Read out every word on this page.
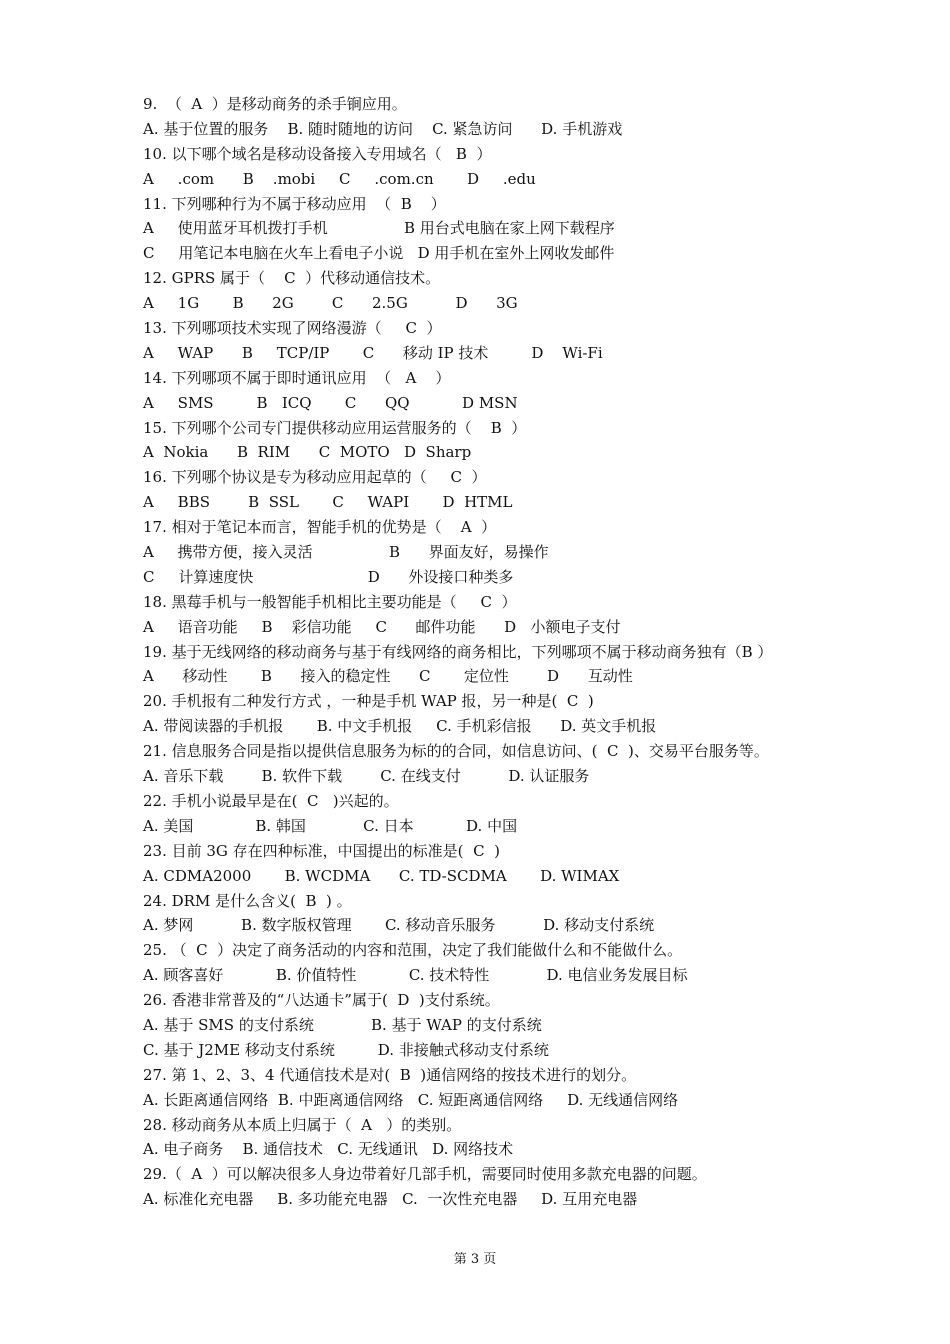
9.  （  A  ）是移动商务的杀手锏应用。
A. 基于位置的服务    B. 随时随地的访问    C. 紧急访问      D. 手机游戏
10. 以下哪个域名是移动设备接入专用域名（   B  ）
A     .com      B    .mobi     C     .com.cn       D     .edu
11. 下列哪种行为不属于移动应用  （  B    ）
A     使用蓝牙耳机拨打手机                B 用台式电脑在家上网下载程序
C     用笔记本电脑在火车上看电子小说   D 用手机在室外上网收发邮件
12. GPRS 属于（    C  ）代移动通信技术。
A     1G       B      2G        C      2.5G          D      3G
13. 下列哪项技术实现了网络漫游（     C  ）
A     WAP      B     TCP/IP       C      移动 IP 技术         D    Wi-Fi
14. 下列哪项不属于即时通讯应用  （   A    ）
A     SMS         B   ICQ       C      QQ           D MSN
15. 下列哪个公司专门提供移动应用运营服务的（    B  ）
A  Nokia      B  RIM      C  MOTO   D  Sharp
16. 下列哪个协议是专为移动应用起草的（     C  ）
A     BBS        B  SSL       C     WAPI       D  HTML
17. 相对于笔记本而言，智能手机的优势是（    A  ）
A     携带方便，接入灵活                B      界面友好，易操作
C     计算速度快                        D      外设接口种类多
18. 黑莓手机与一般智能手机相比主要功能是（     C  ）
A     语音功能     B    彩信功能     C      邮件功能      D   小额电子支付
19. 基于无线网络的移动商务与基于有线网络的商务相比，下列哪项不属于移动商务独有（B ）
A      移动性       B      接入的稳定性      C       定位性        D      互动性
20. 手机报有二种发行方式 ，一种是手机 WAP 报，另一种是(  C  )
A. 带阅读器的手机报       B. 中文手机报     C. 手机彩信报      D. 英文手机报
21. 信息服务合同是指以提供信息服务为标的的合同，如信息访问、(  C  )、交易平台服务等。
A. 音乐下载        B. 软件下载        C. 在线支付          D. 认证服务
22. 手机小说最早是在(  C   )兴起的。
A. 美国             B. 韩国            C. 日本           D. 中国
23. 目前 3G 存在四种标准，中国提出的标准是(  C  )
A. CDMA2000       B. WCDMA      C. TD-SCDMA       D. WIMAX
24. DRM 是什么含义(  B  ) 。
A. 梦网          B. 数字版权管理       C. 移动音乐服务          D. 移动支付系统
25. （  C  ）决定了商务活动的内容和范围，决定了我们能做什么和不能做什么。
A. 顾客喜好           B. 价值特性           C. 技术特性            D. 电信业务发展目标
26. 香港非常普及的“八达通卡”属于(  D  )支付系统。
A. 基于 SMS 的支付系统            B. 基于 WAP 的支付系统
C. 基于 J2ME 移动支付系统         D. 非接触式移动支付系统
27. 第 1、2、3、4 代通信技术是对(  B  )通信网络的按技术进行的划分。
A. 长距离通信网络  B. 中距离通信网络   C. 短距离通信网络     D. 无线通信网络
28. 移动商务从本质上归属于（  A   ）的类别。
A. 电子商务    B. 通信技术   C. 无线通讯   D. 网络技术
29.（  A  ）可以解决很多人身边带着好几部手机，需要同时使用多款充电器的问题。
A. 标准化充电器     B. 多功能充电器   C.  一次性充电器     D. 互用充电器
第 3 页
